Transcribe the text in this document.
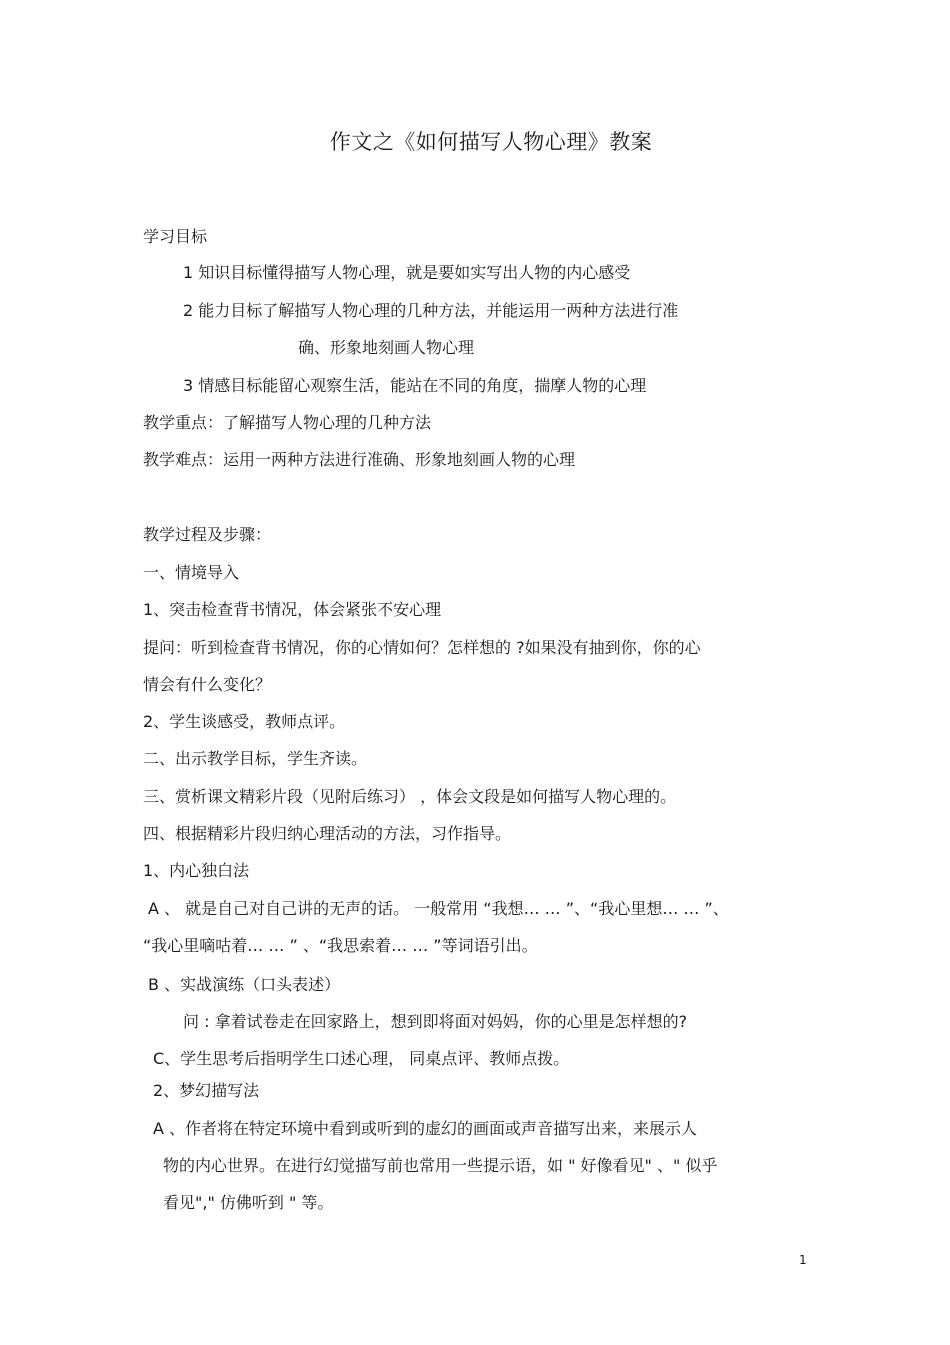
作文之《如何描写人物心理》教案
学习目标
1 知识目标懂得描写人物心理，就是要如实写出人物的内心感受
2 能力目标了解描写人物心理的几种方法，并能运用一两种方法进行准
确、形象地刻画人物心理
3 情感目标能留心观察生活，能站在不同的角度，揣摩人物的心理
教学重点：了解描写人物心理的几种方法
教学难点：运用一两种方法进行准确、形象地刻画人物的心理
教学过程及步骤：
一、情境导入
1、突击检查背书情况，体会紧张不安心理
提问：听到检查背书情况，你的心情如何？怎样想的 ?如果没有抽到你，你的心
情会有什么变化？
2、学生谈感受，教师点评。
二、出示教学目标，学生齐读。
三、赏析课文精彩片段（见附后练习） ，体会文段是如何描写人物心理的。
四、根据精彩片段归纳心理活动的方法，习作指导。
1、内心独白法
A 、 就是自己对自己讲的无声的话。 一般常用 “我想… … ”、“我心里想… … ”、
“我心里嘀咕着… … ” 、“我思索着… … ”等词语引出。
B 、实战演练（口头表述）
问 : 拿着试卷走在回家路上，想到即将面对妈妈，你的心里是怎样想的?
C、学生思考后指明学生口述心理， 同桌点评、教师点拨。
2、梦幻描写法
A 、作者将在特定环境中看到或听到的虚幻的画面或声音描写出来，来展示人
物的内心世界。在进行幻觉描写前也常用一些提示语，如 " 好像看见" 、" 似乎
看见"," 仿佛听到 " 等。
1
